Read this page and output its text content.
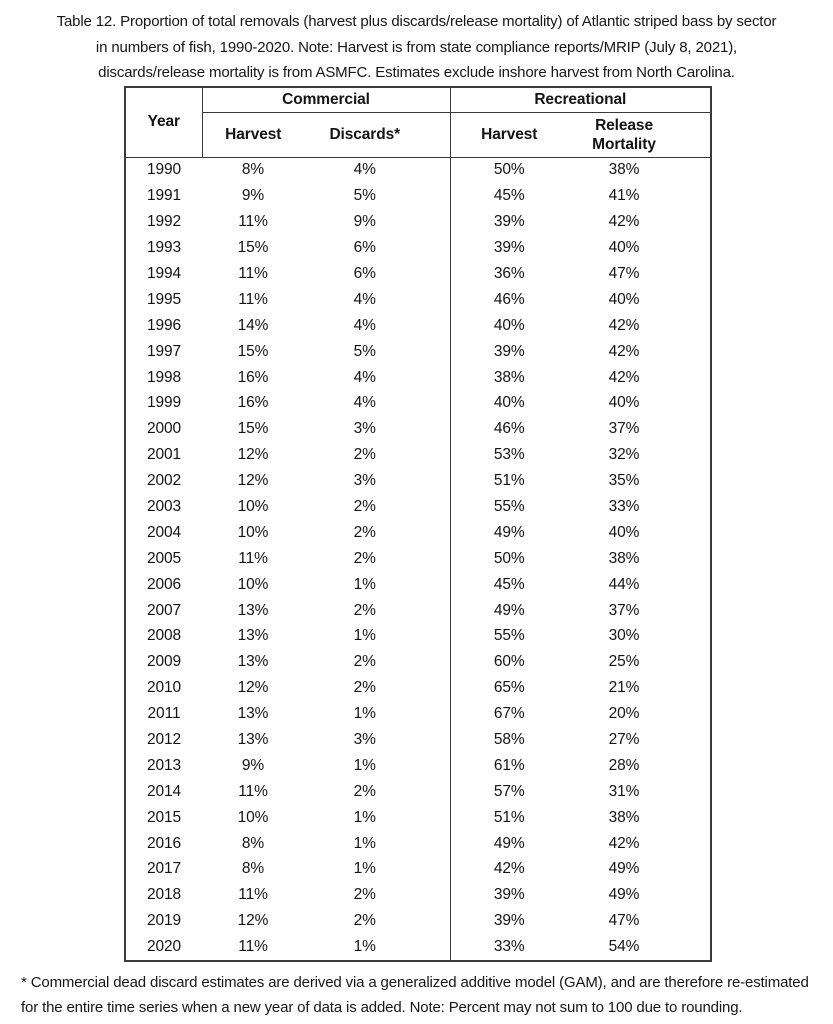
Table 12. Proportion of total removals (harvest plus discards/release mortality) of Atlantic striped bass by sector
in numbers of fish, 1990-2020. Note: Harvest is from state compliance reports/MRIP (July 8, 2021),
discards/release mortality is from ASMFC. Estimates exclude inshore harvest from North Carolina.
Year	Commercial		Recreational	
	Harvest	Discards*	Harvest	Release Mortality
1990	8%	4%	50%	38%
1991	9%	5%	45%	41%
1992	11%	9%	39%	42%
1993	15%	6%	39%	40%
1994	11%	6%	36%	47%
1995	11%	4%	46%	40%
1996	14%	4%	40%	42%
1997	15%	5%	39%	42%
1998	16%	4%	38%	42%
1999	16%	4%	40%	40%
2000	15%	3%	46%	37%
2001	12%	2%	53%	32%
2002	12%	3%	51%	35%
2003	10%	2%	55%	33%
2004	10%	2%	49%	40%
2005	11%	2%	50%	38%
2006	10%	1%	45%	44%
2007	13%	2%	49%	37%
2008	13%	1%	55%	30%
2009	13%	2%	60%	25%
2010	12%	2%	65%	21%
2011	13%	1%	67%	20%
2012	13%	3%	58%	27%
2013	9%	1%	61%	28%
2014	11%	2%	57%	31%
2015	10%	1%	51%	38%
2016	8%	1%	49%	42%
2017	8%	1%	42%	49%
2018	11%	2%	39%	49%
2019	12%	2%	39%	47%
2020	11%	1%	33%	54%
* Commercial dead discard estimates are derived via a generalized additive model (GAM), and are therefore re-estimated
for the entire time series when a new year of data is added. Note: Percent may not sum to 100 due to rounding.
